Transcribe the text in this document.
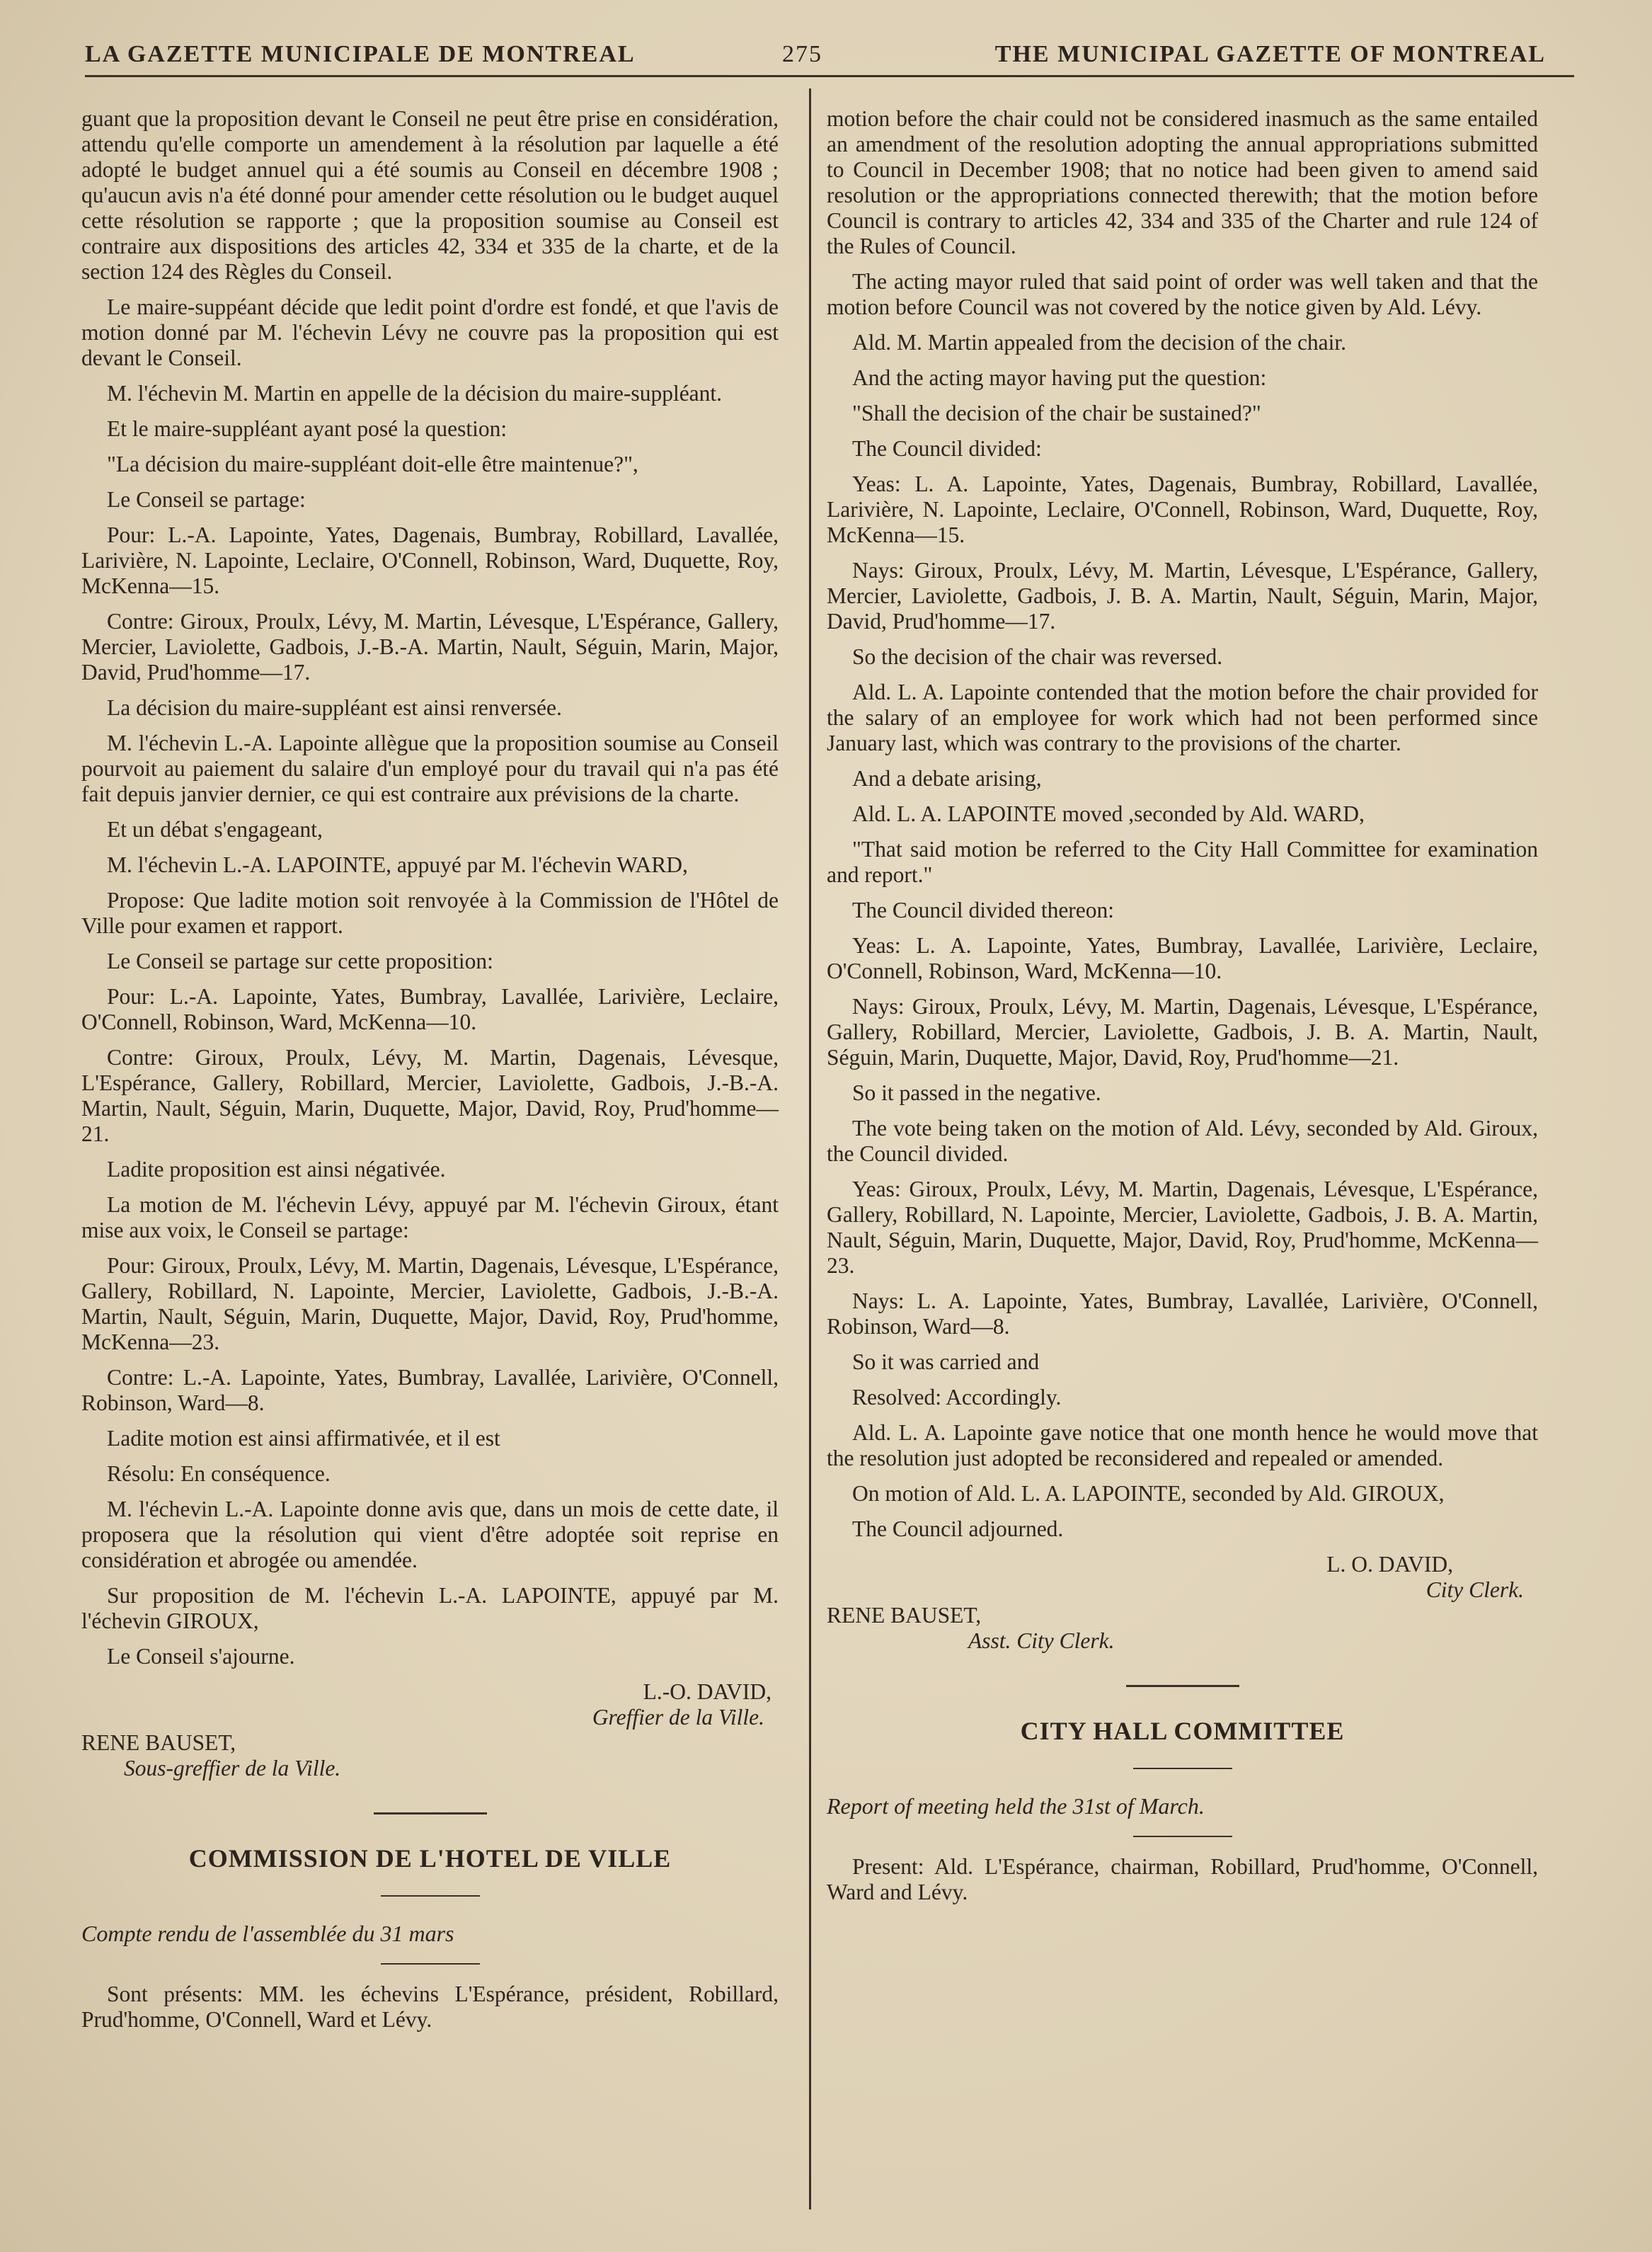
LA GAZETTE MUNICIPALE DE MONTREAL	275	THE MUNICIPAL GAZETTE OF MONTREAL

guant que la proposition devant le Conseil ne peut être prise en considération, attendu qu'elle comporte un amendement à la résolution par laquelle a été adopté le budget annuel qui a été soumis au Conseil en décembre 1908 ; qu'aucun avis n'a été donné pour amender cette résolution ou le budget auquel cette résolution se rapporte ; que la proposition soumise au Conseil est contraire aux dispositions des articles 42, 334 et 335 de la charte, et de la section 124 des Règles du Conseil.

Le maire-suppéant décide que ledit point d'ordre est fondé, et que l'avis de motion donné par M. l'échevin Lévy ne couvre pas la proposition qui est devant le Conseil.

M. l'échevin M. Martin en appelle de la décision du maire-suppléant.

Et le maire-suppléant ayant posé la question:

"La décision du maire-suppléant doit-elle être maintenue?",

Le Conseil se partage:

Pour: L.-A. Lapointe, Yates, Dagenais, Bumbray, Robillard, Lavallée, Larivière, N. Lapointe, Leclaire, O'Connell, Robinson, Ward, Duquette, Roy, McKenna—15.

Contre: Giroux, Proulx, Lévy, M. Martin, Lévesque, L'Espérance, Gallery, Mercier, Laviolette, Gadbois, J.-B.-A. Martin, Nault, Séguin, Marin, Major, David, Prud'homme—17.

La décision du maire-suppléant est ainsi renversée.

M. l'échevin L.-A. Lapointe allègue que la proposition soumise au Conseil pourvoit au paiement du salaire d'un employé pour du travail qui n'a pas été fait depuis janvier dernier, ce qui est contraire aux prévisions de la charte.

Et un débat s'engageant,

M. l'échevin L.-A. LAPOINTE, appuyé par M. l'échevin WARD,

Propose: Que ladite motion soit renvoyée à la Commission de l'Hôtel de Ville pour examen et rapport.

Le Conseil se partage sur cette proposition:

Pour: L.-A. Lapointe, Yates, Bumbray, Lavallée, Larivière, Leclaire, O'Connell, Robinson, Ward, McKenna—10.

Contre: Giroux, Proulx, Lévy, M. Martin, Dagenais, Lévesque, L'Espérance, Gallery, Robillard, Mercier, Laviolette, Gadbois, J.-B.-A. Martin, Nault, Séguin, Marin, Duquette, Major, David, Roy, Prud'homme—21.

Ladite proposition est ainsi négativée.

La motion de M. l'échevin Lévy, appuyé par M. l'échevin Giroux, étant mise aux voix, le Conseil se partage:

Pour: Giroux, Proulx, Lévy, M. Martin, Dagenais, Lévesque, L'Espérance, Gallery, Robillard, N. Lapointe, Mercier, Laviolette, Gadbois, J.-B.-A. Martin, Nault, Séguin, Marin, Duquette, Major, David, Roy, Prud'homme, McKenna—23.

Contre: L.-A. Lapointe, Yates, Bumbray, Lavallée, Larivière, O'Connell, Robinson, Ward—8.

Ladite motion est ainsi affirmativée, et il est

Résolu: En conséquence.

M. l'échevin L.-A. Lapointe donne avis que, dans un mois de cette date, il proposera que la résolution qui vient d'être adoptée soit reprise en considération et abrogée ou amendée.

Sur proposition de M. l'échevin L.-A. LAPOINTE, appuyé par M. l'échevin GIROUX,

Le Conseil s'ajourne.

L.-O. DAVID,
Greffier de la Ville.
RENE BAUSET,
Sous-greffier de la Ville.
COMMISSION DE L'HOTEL DE VILLE

Compte rendu de l'assemblée du 31 mars

Sont présents: MM. les échevins L'Espérance, président, Robillard, Prud'homme, O'Connell, Ward et Lévy.

motion before the chair could not be considered inasmuch as the same entailed an amendment of the resolution adopting the annual appropriations submitted to Council in December 1908; that no notice had been given to amend said resolution or the appropriations connected therewith; that the motion before Council is contrary to articles 42, 334 and 335 of the Charter and rule 124 of the Rules of Council.

The acting mayor ruled that said point of order was well taken and that the motion before Council was not covered by the notice given by Ald. Lévy.

Ald. M. Martin appealed from the decision of the chair.

And the acting mayor having put the question:

"Shall the decision of the chair be sustained?"

The Council divided:

Yeas: L. A. Lapointe, Yates, Dagenais, Bumbray, Robillard, Lavallée, Larivière, N. Lapointe, Leclaire, O'Connell, Robinson, Ward, Duquette, Roy, McKenna—15.

Nays: Giroux, Proulx, Lévy, M. Martin, Lévesque, L'Espérance, Gallery, Mercier, Laviolette, Gadbois, J. B. A. Martin, Nault, Séguin, Marin, Major, David, Prud'homme—17.

So the decision of the chair was reversed.

Ald. L. A. Lapointe contended that the motion before the chair provided for the salary of an employee for work which had not been performed since January last, which was contrary to the provisions of the charter.

And a debate arising,

Ald. L. A. LAPOINTE moved ,seconded by Ald. WARD,

"That said motion be referred to the City Hall Committee for examination and report."

The Council divided thereon:

Yeas: L. A. Lapointe, Yates, Bumbray, Lavallée, Larivière, Leclaire, O'Connell, Robinson, Ward, McKenna—10.

Nays: Giroux, Proulx, Lévy, M. Martin, Dagenais, Lévesque, L'Espérance, Gallery, Robillard, Mercier, Laviolette, Gadbois, J. B. A. Martin, Nault, Séguin, Marin, Duquette, Major, David, Roy, Prud'homme—21.

So it passed in the negative.

The vote being taken on the motion of Ald. Lévy, seconded by Ald. Giroux, the Council divided.

Yeas: Giroux, Proulx, Lévy, M. Martin, Dagenais, Lévesque, L'Espérance, Gallery, Robillard, N. Lapointe, Mercier, Laviolette, Gadbois, J. B. A. Martin, Nault, Séguin, Marin, Duquette, Major, David, Roy, Prud'homme, McKenna—23.

Nays: L. A. Lapointe, Yates, Bumbray, Lavallée, Larivière, O'Connell, Robinson, Ward—8.

So it was carried and

Resolved: Accordingly.

Ald. L. A. Lapointe gave notice that one month hence he would move that the resolution just adopted be reconsidered and repealed or amended.

On motion of Ald. L. A. LAPOINTE, seconded by Ald. GIROUX,

The Council adjourned.

L. O. DAVID,
City Clerk.
RENE BAUSET,
Asst. City Clerk.
CITY HALL COMMITTEE

Report of meeting held the 31st of March.

Present: Ald. L'Espérance, chairman, Robillard, Prud'homme, O'Connell, Ward and Lévy.
